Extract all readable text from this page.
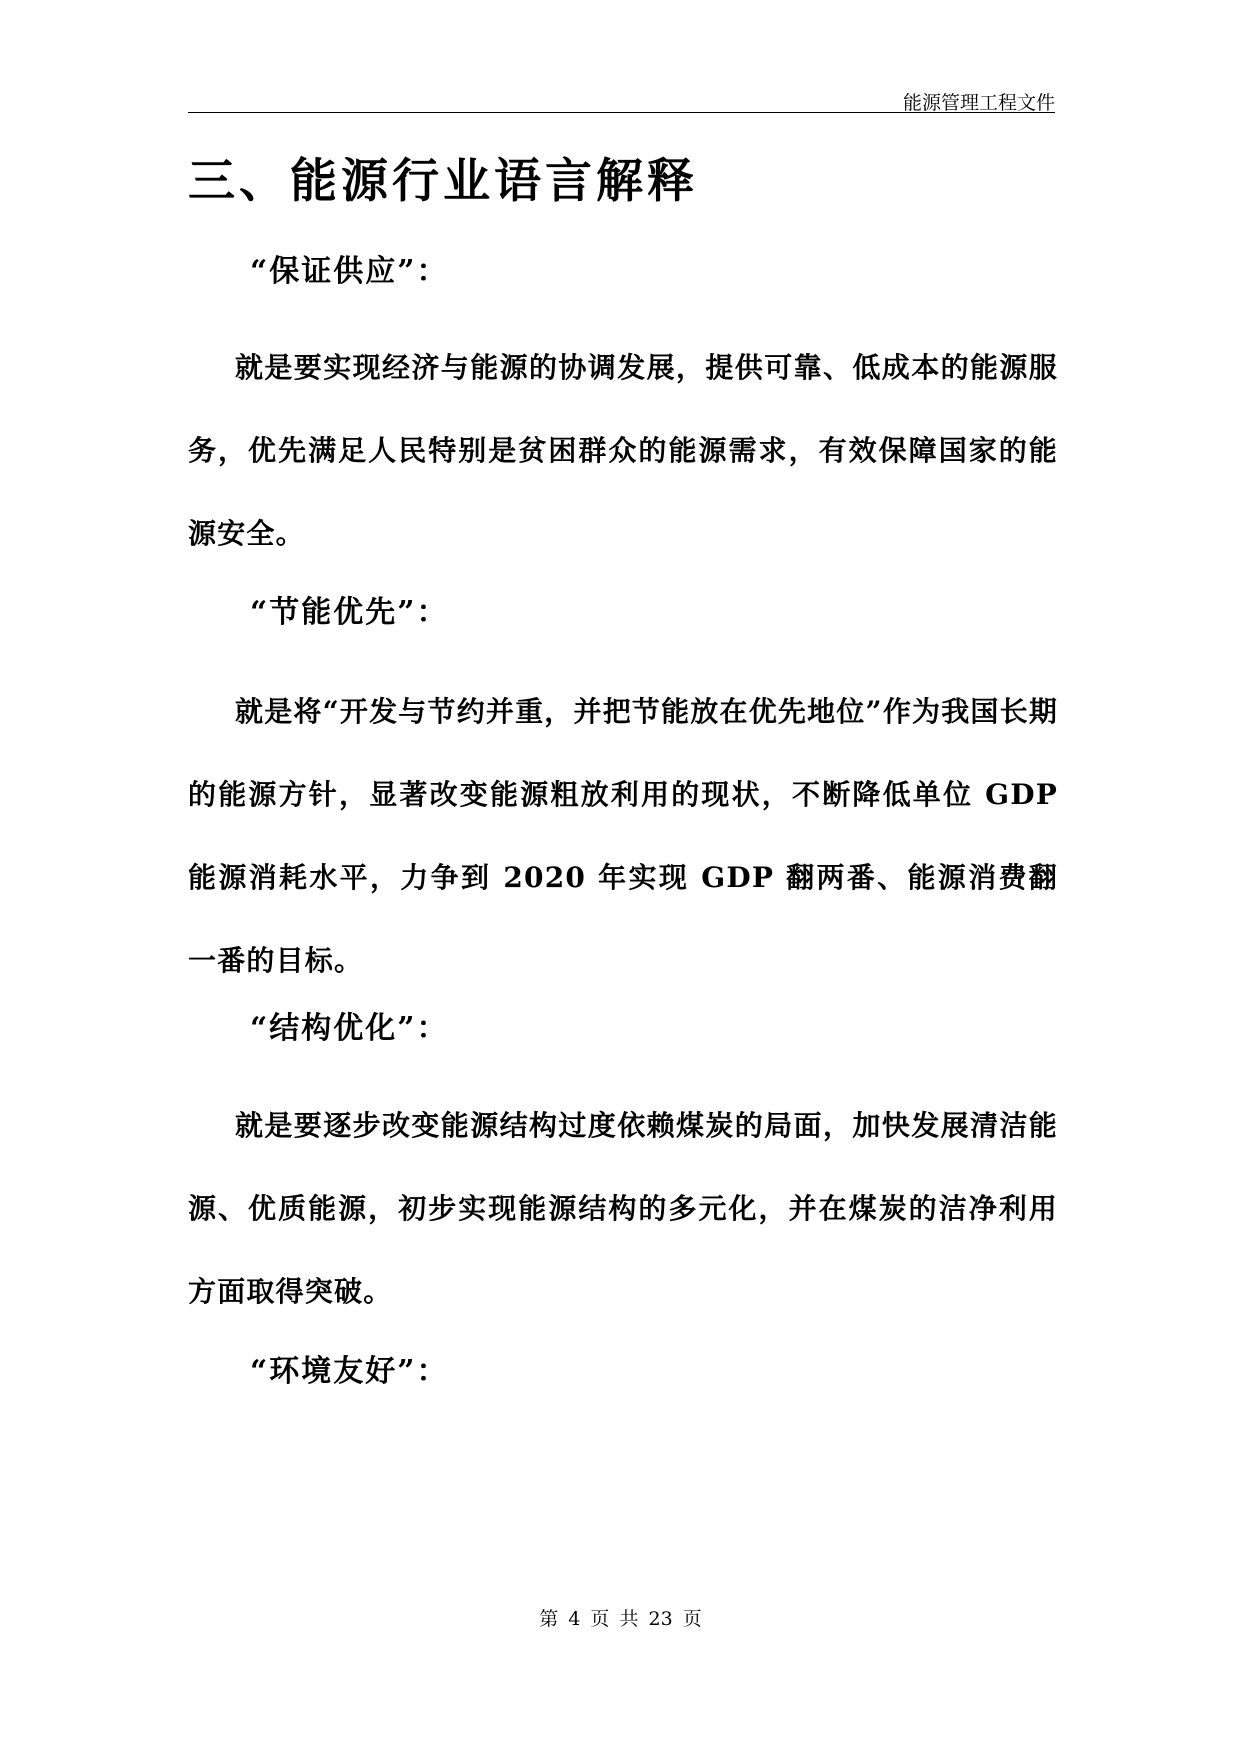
能源管理工程文件
三、能源行业语言解释
“保证供应”：

就是要实现经济与能源的协调发展，提供可靠、低成本的能源服务，优先满足人民特别是贫困群众的能源需求，有效保障国家的能源安全。

“节能优先”：

就是将“开发与节约并重，并把节能放在优先地位”作为我国长期的能源方针，显著改变能源粗放利用的现状，不断降低单位 GDP 能源消耗水平，力争到 2020 年实现 GDP 翻两番、能源消费翻一番的目标。

“结构优化”：

就是要逐步改变能源结构过度依赖煤炭的局面，加快发展清洁能源、优质能源，初步实现能源结构的多元化，并在煤炭的洁净利用方面取得突破。

“环境友好”：
第 4 页 共 23 页
